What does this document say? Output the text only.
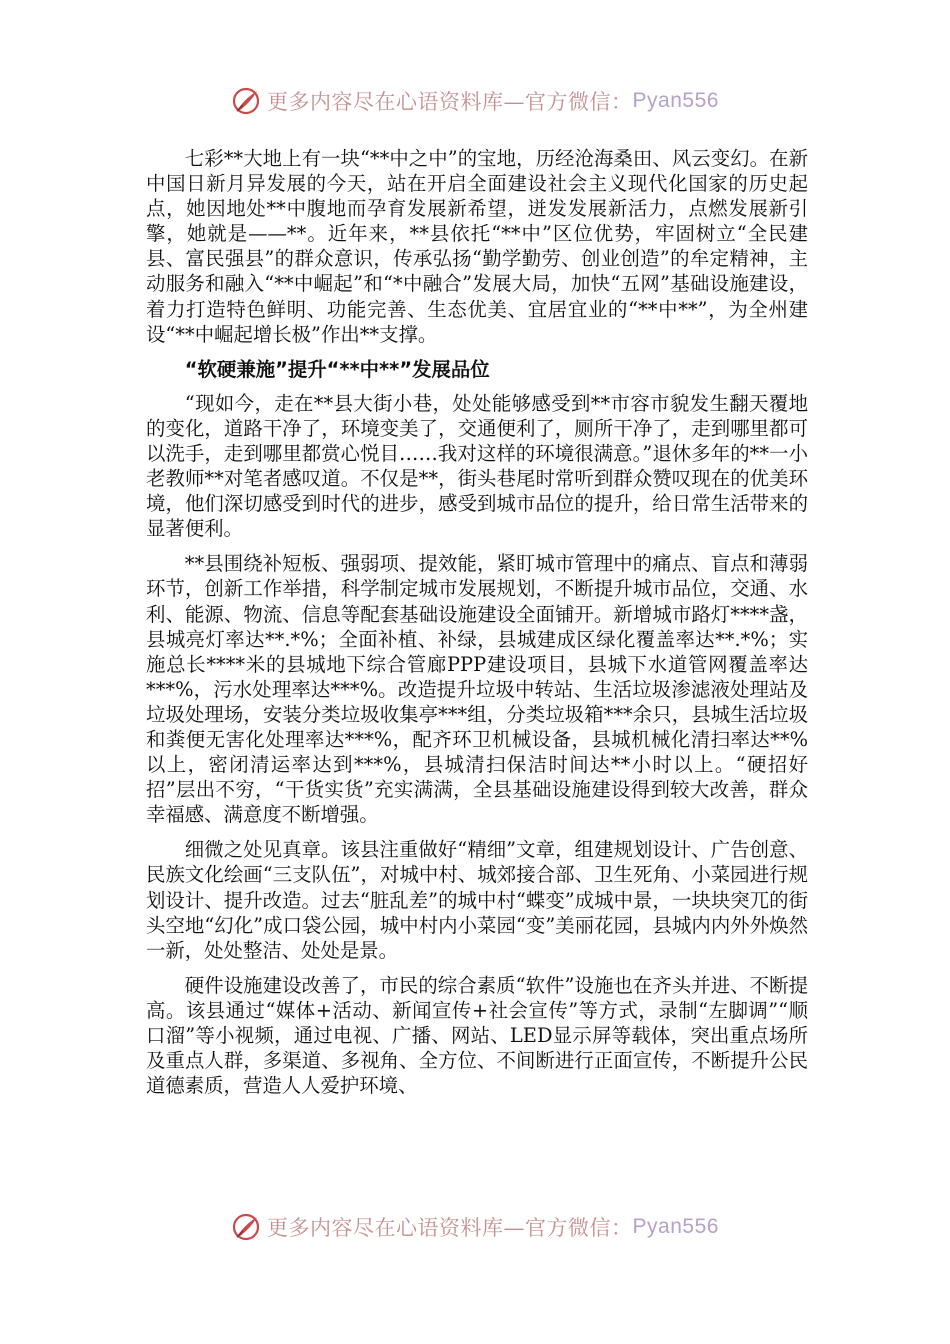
更多内容尽在心语资料库—官方微信： Pyan556

七彩**大地上有一块“**中之中”的宝地，历经沧海桑田、风云变幻。在新中国日新月异发展的今天，站在开启全面建设社会主义现代化国家的历史起点，她因地处**中腹地而孕育发展新希望，迸发发展新活力，点燃发展新引擎，她就是——**。近年来，**县依托“**中”区位优势，牢固树立“全民建县、富民强县”的群众意识，传承弘扬“勤学勤劳、创业创造”的牟定精神，主动服务和融入“**中崛起”和“*中融合”发展大局，加快“五网”基础设施建设，着力打造特色鲜明、功能完善、生态优美、宜居宜业的“**中**”，为全州建设“**中崛起增长极”作出**支撑。

“软硬兼施”提升“**中**”发展品位

“现如今，走在**县大街小巷，处处能够感受到**市容市貌发生翻天覆地的变化，道路干净了，环境变美了，交通便利了，厕所干净了，走到哪里都可以洗手，走到哪里都赏心悦目……我对这样的环境很满意。”退休多年的**一小老教师**对笔者感叹道。不仅是**，街头巷尾时常听到群众赞叹现在的优美环境，他们深切感受到时代的进步，感受到城市品位的提升，给日常生活带来的显著便利。

**县围绕补短板、强弱项、提效能，紧盯城市管理中的痛点、盲点和薄弱环节，创新工作举措，科学制定城市发展规划，不断提升城市品位，交通、水利、能源、物流、信息等配套基础设施建设全面铺开。新增城市路灯****盏，县城亮灯率达**.*%；全面补植、补绿，县城建成区绿化覆盖率达**.*%；实施总长****米的县城地下综合管廊PPP建设项目，县城下水道管网覆盖率达***%，污水处理率达***%。改造提升垃圾中转站、生活垃圾渗滤液处理站及垃圾处理场，安装分类垃圾收集亭***组，分类垃圾箱***余只，县城生活垃圾和粪便无害化处理率达***%，配齐环卫机械设备，县城机械化清扫率达**%以上，密闭清运率达到***%，县城清扫保洁时间达**小时以上。“硬招好招”层出不穷，“干货实货”充实满满，全县基础设施建设得到较大改善，群众幸福感、满意度不断增强。

细微之处见真章。该县注重做好“精细”文章，组建规划设计、广告创意、民族文化绘画“三支队伍”，对城中村、城郊接合部、卫生死角、小菜园进行规划设计、提升改造。过去“脏乱差”的城中村“蝶变”成城中景，一块块突兀的街头空地“幻化”成口袋公园，城中村内小菜园“变”美丽花园，县城内内外外焕然一新，处处整洁、处处是景。

硬件设施建设改善了，市民的综合素质“软件”设施也在齐头并进、不断提高。该县通过“媒体+活动、新闻宣传+社会宣传”等方式，录制“左脚调”“顺口溜”等小视频，通过电视、广播、网站、LED显示屏等载体，突出重点场所及重点人群，多渠道、多视角、全方位、不间断进行正面宣传，不断提升公民道德素质，营造人人爱护环境、

更多内容尽在心语资料库—官方微信： Pyan556
